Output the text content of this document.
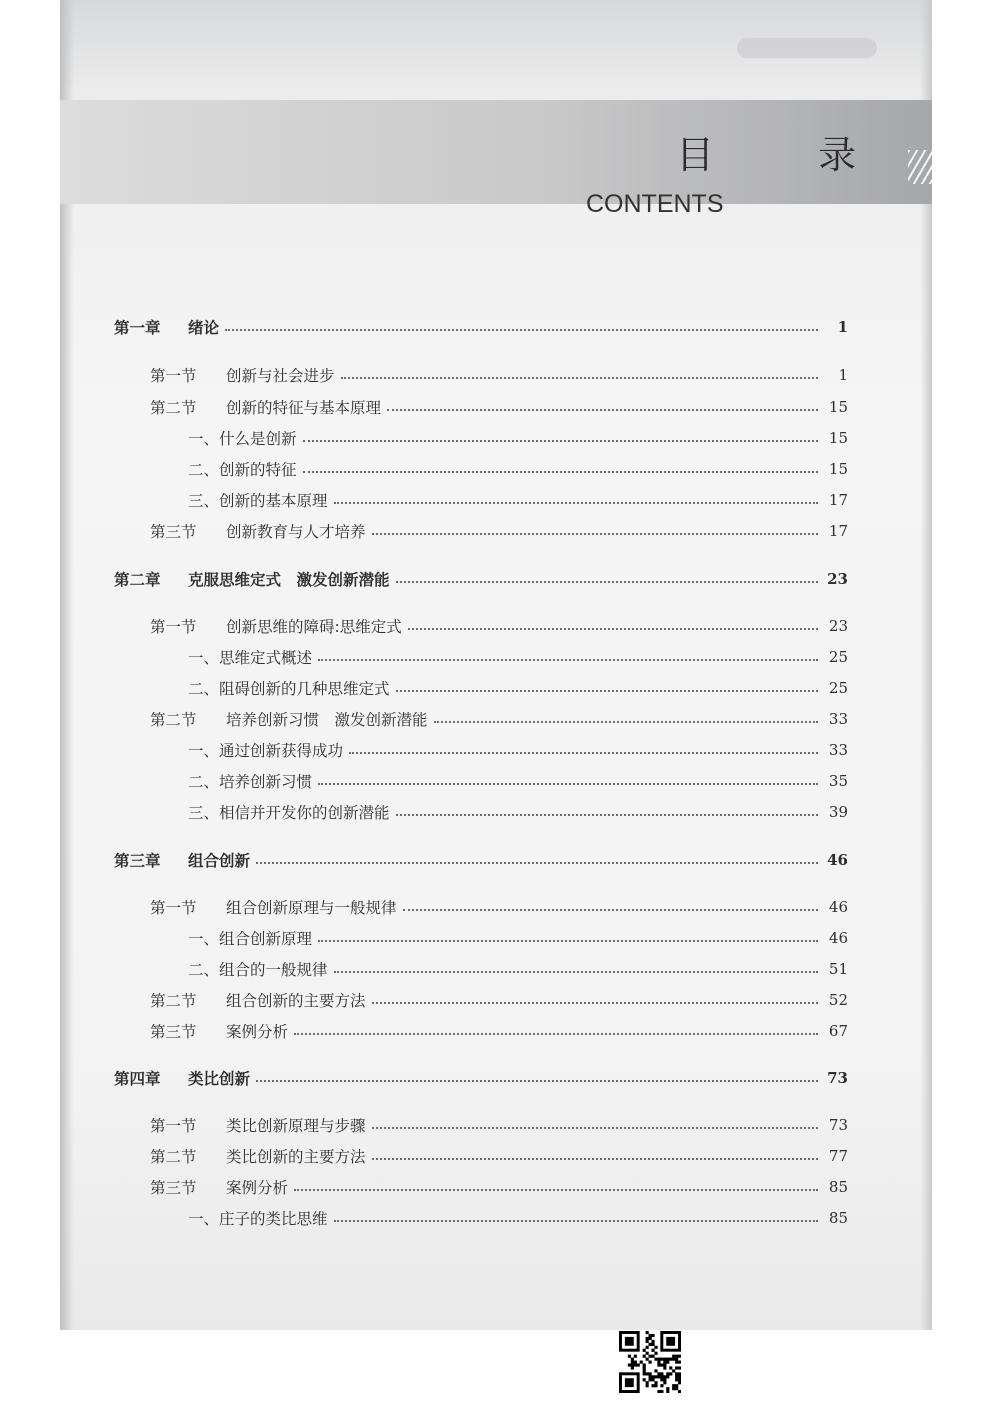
目 录
CONTENTS
第一章 绪论	1
第一节 创新与社会进步	1
第二节 创新的特征与基本原理	15
一、什么是创新	15
二、创新的特征	15
三、创新的基本原理	17
第三节 创新教育与人才培养	17
第二章 克服思维定式　激发创新潜能	23
第一节 创新思维的障碍:思维定式	23
一、思维定式概述	25
二、阻碍创新的几种思维定式	25
第二节 培养创新习惯　激发创新潜能	33
一、通过创新获得成功	33
二、培养创新习惯	35
三、相信并开发你的创新潜能	39
第三章 组合创新	46
第一节 组合创新原理与一般规律	46
一、组合创新原理	46
二、组合的一般规律	51
第二节 组合创新的主要方法	52
第三节 案例分析	67
第四章 类比创新	73
第一节 类比创新原理与步骤	73
第二节 类比创新的主要方法	77
第三节 案例分析	85
一、庄子的类比思维	85
